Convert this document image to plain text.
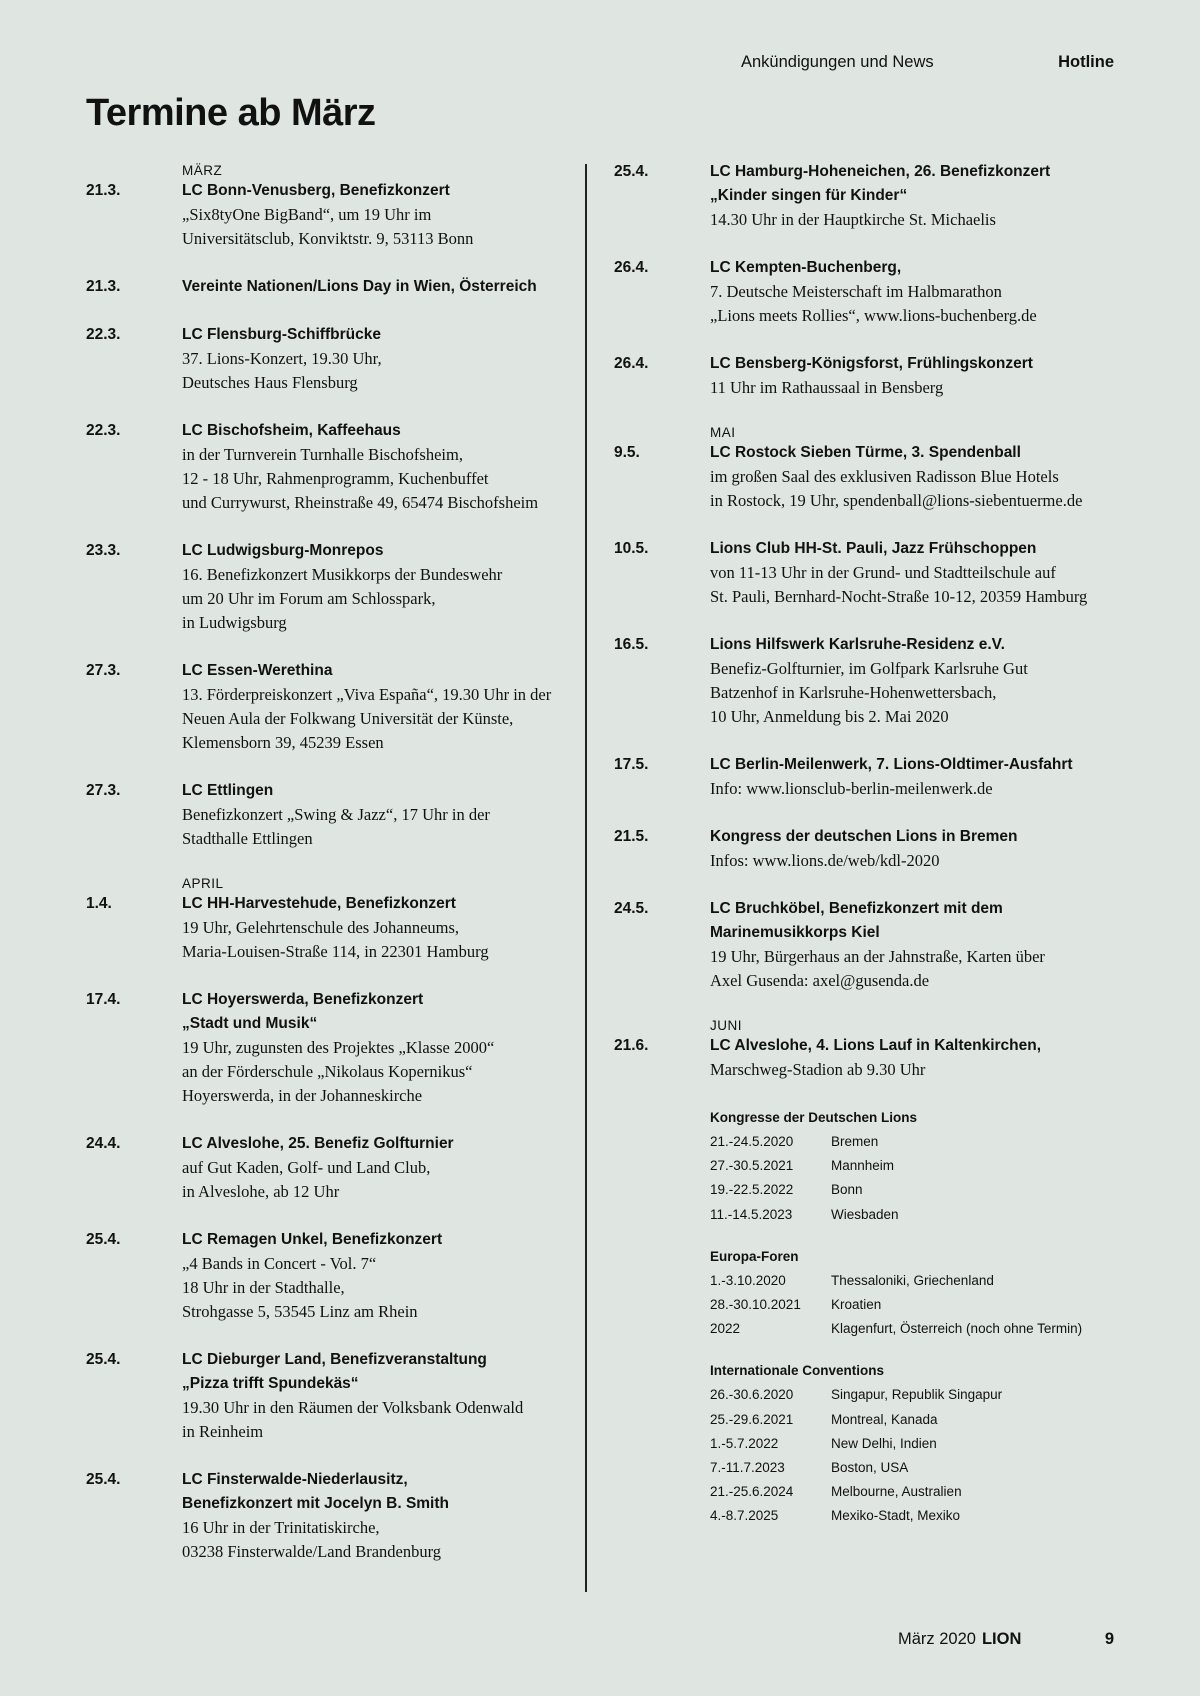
Ankündigungen und News	Hotline
Termine ab März
MÄRZ
21.3.	LC Bonn-Venusberg, Benefizkonzert
„Six8tyOne BigBand“, um 19 Uhr im
Universitätsclub, Konviktstr. 9, 53113 Bonn
21.3.	Vereinte Nationen/Lions Day in Wien, Österreich
22.3.	LC Flensburg-Schiffbrücke
37. Lions-Konzert, 19.30 Uhr,
Deutsches Haus Flensburg
22.3.	LC Bischofsheim, Kaffeehaus
in der Turnverein Turnhalle Bischofsheim,
12 - 18 Uhr, Rahmenprogramm, Kuchenbuffet
und Currywurst, Rheinstraße 49, 65474 Bischofsheim
23.3.	LC Ludwigsburg-Monrepos
16. Benefizkonzert Musikkorps der Bundeswehr
um 20 Uhr im Forum am Schlosspark,
in Ludwigsburg
27.3.	LC Essen-Werethina
13. Förderpreiskonzert „Viva España“, 19.30 Uhr in der
Neuen Aula der Folkwang Universität der Künste,
Klemensborn 39, 45239 Essen
27.3.	LC Ettlingen
Benefizkonzert „Swing & Jazz“, 17 Uhr in der
Stadthalle Ettlingen
APRIL
1.4.	LC HH-Harvestehude, Benefizkonzert
19 Uhr, Gelehrtenschule des Johanneums,
Maria-Louisen-Straße 114, in 22301 Hamburg
17.4.	LC Hoyerswerda, Benefizkonzert
„Stadt und Musik“
19 Uhr, zugunsten des Projektes „Klasse 2000“
an der Förderschule „Nikolaus Kopernikus“
Hoyerswerda, in der Johanneskirche
24.4.	LC Alveslohe, 25. Benefiz Golfturnier
auf Gut Kaden, Golf- und Land Club,
in Alveslohe, ab 12 Uhr
25.4.	LC Remagen Unkel, Benefizkonzert
„4 Bands in Concert - Vol. 7“
18 Uhr in der Stadthalle,
Strohgasse 5, 53545 Linz am Rhein
25.4.	LC Dieburger Land, Benefizveranstaltung
„Pizza trifft Spundekäs“
19.30 Uhr in den Räumen der Volksbank Odenwald
in Reinheim
25.4.	LC Finsterwalde-Niederlausitz,
Benefizkonzert mit Jocelyn B. Smith
16 Uhr in der Trinitatiskirche,
03238 Finsterwalde/Land Brandenburg
25.4.	LC Hamburg-Hoheneichen, 26. Benefizkonzert
„Kinder singen für Kinder“
14.30 Uhr in der Hauptkirche St. Michaelis
26.4.	LC Kempten-Buchenberg,
7. Deutsche Meisterschaft im Halbmarathon
„Lions meets Rollies“, www.lions-buchenberg.de
26.4.	LC Bensberg-Königsforst, Frühlingskonzert
11 Uhr im Rathaussaal in Bensberg
MAI
9.5.	LC Rostock Sieben Türme, 3. Spendenball
im großen Saal des exklusiven Radisson Blue Hotels
in Rostock, 19 Uhr, spendenball@lions-siebentuerme.de
10.5.	Lions Club HH-St. Pauli, Jazz Frühschoppen
von 11-13 Uhr in der Grund- und Stadtteilschule auf
St. Pauli, Bernhard-Nocht-Straße 10-12, 20359 Hamburg
16.5.	Lions Hilfswerk Karlsruhe-Residenz e.V.
Benefiz-Golfturnier, im Golfpark Karlsruhe Gut
Batzenhof in Karlsruhe-Hohenwettersbach,
10 Uhr, Anmeldung bis 2. Mai 2020
17.5.	LC Berlin-Meilenwerk, 7. Lions-Oldtimer-Ausfahrt
Info: www.lionsclub-berlin-meilenwerk.de
21.5.	Kongress der deutschen Lions in Bremen
Infos: www.lions.de/web/kdl-2020
24.5.	LC Bruchköbel, Benefizkonzert mit dem
Marinemusikkorps Kiel
19 Uhr, Bürgerhaus an der Jahnstraße, Karten über
Axel Gusenda: axel@gusenda.de
JUNI
21.6.	LC Alveslohe, 4. Lions Lauf in Kaltenkirchen,
Marschweg-Stadion ab 9.30 Uhr
Kongresse der Deutschen Lions
21.-24.5.2020	Bremen
27.-30.5.2021	Mannheim
19.-22.5.2022	Bonn
11.-14.5.2023	Wiesbaden
Europa-Foren
1.-3.10.2020	Thessaloniki, Griechenland
28.-30.10.2021	Kroatien
2022	Klagenfurt, Österreich (noch ohne Termin)
Internationale Conventions
26.-30.6.2020	Singapur, Republik Singapur
25.-29.6.2021	Montreal, Kanada
1.-5.7.2022	New Delhi, Indien
7.-11.7.2023	Boston, USA
21.-25.6.2024	Melbourne, Australien
4.-8.7.2025	Mexiko-Stadt, Mexiko
März 2020 LION	9
